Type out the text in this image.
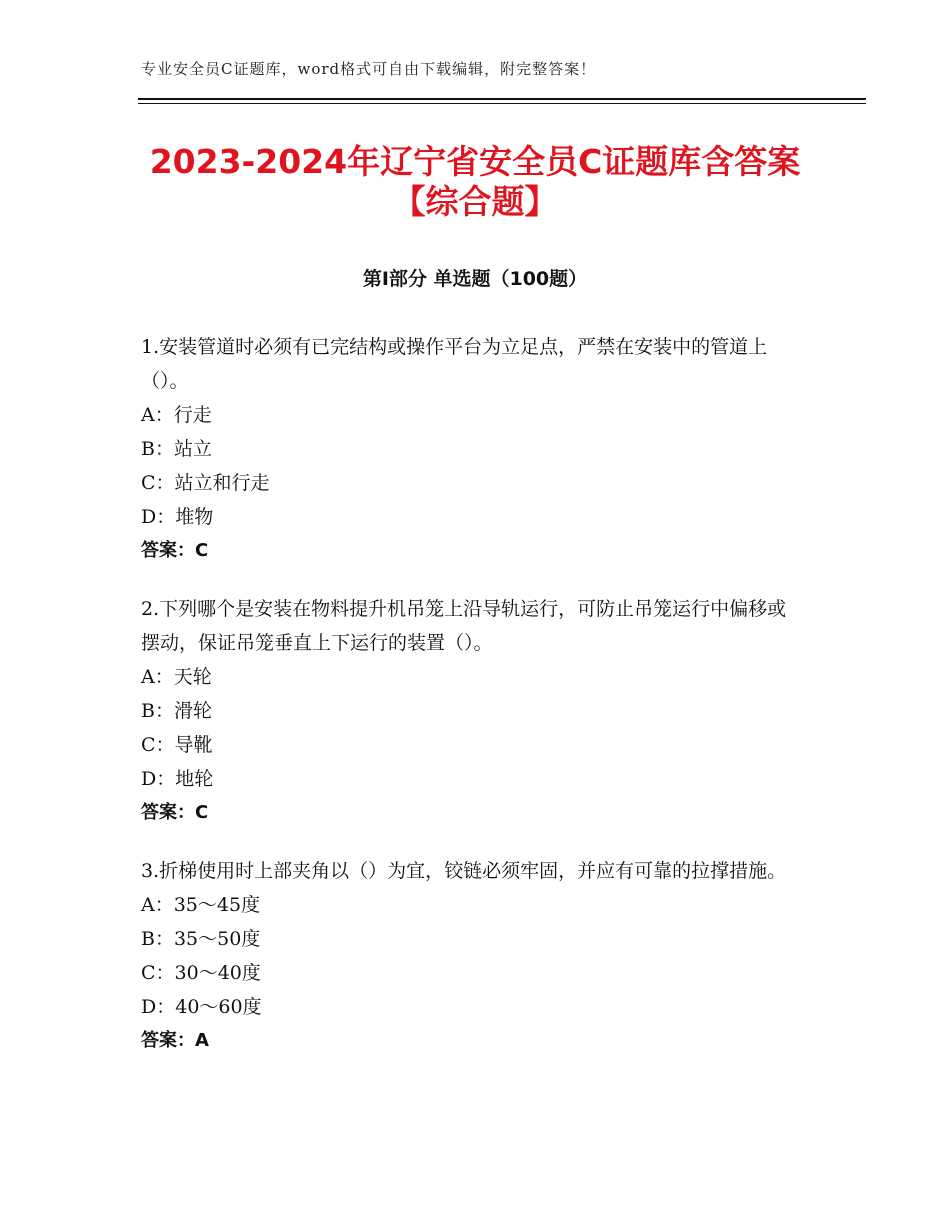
专业安全员C证题库，word格式可自由下载编辑，附完整答案！
2023-2024年辽宁省安全员C证题库含答案
【综合题】
第Ⅰ部分 单选题（100题）
1.安装管道时必须有已完结构或操作平台为立足点，严禁在安装中的管道上（）。
A：行走
B：站立
C：站立和行走
D：堆物
答案：C
2.下列哪个是安装在物料提升机吊笼上沿导轨运行，可防止吊笼运行中偏移或摆动，保证吊笼垂直上下运行的装置（）。
A：天轮
B：滑轮
C：导靴
D：地轮
答案：C
3.折梯使用时上部夹角以（）为宜，铰链必须牢固，并应有可靠的拉撑措施。
A：35～45度
B：35～50度
C：30～40度
D：40～60度
答案：A
